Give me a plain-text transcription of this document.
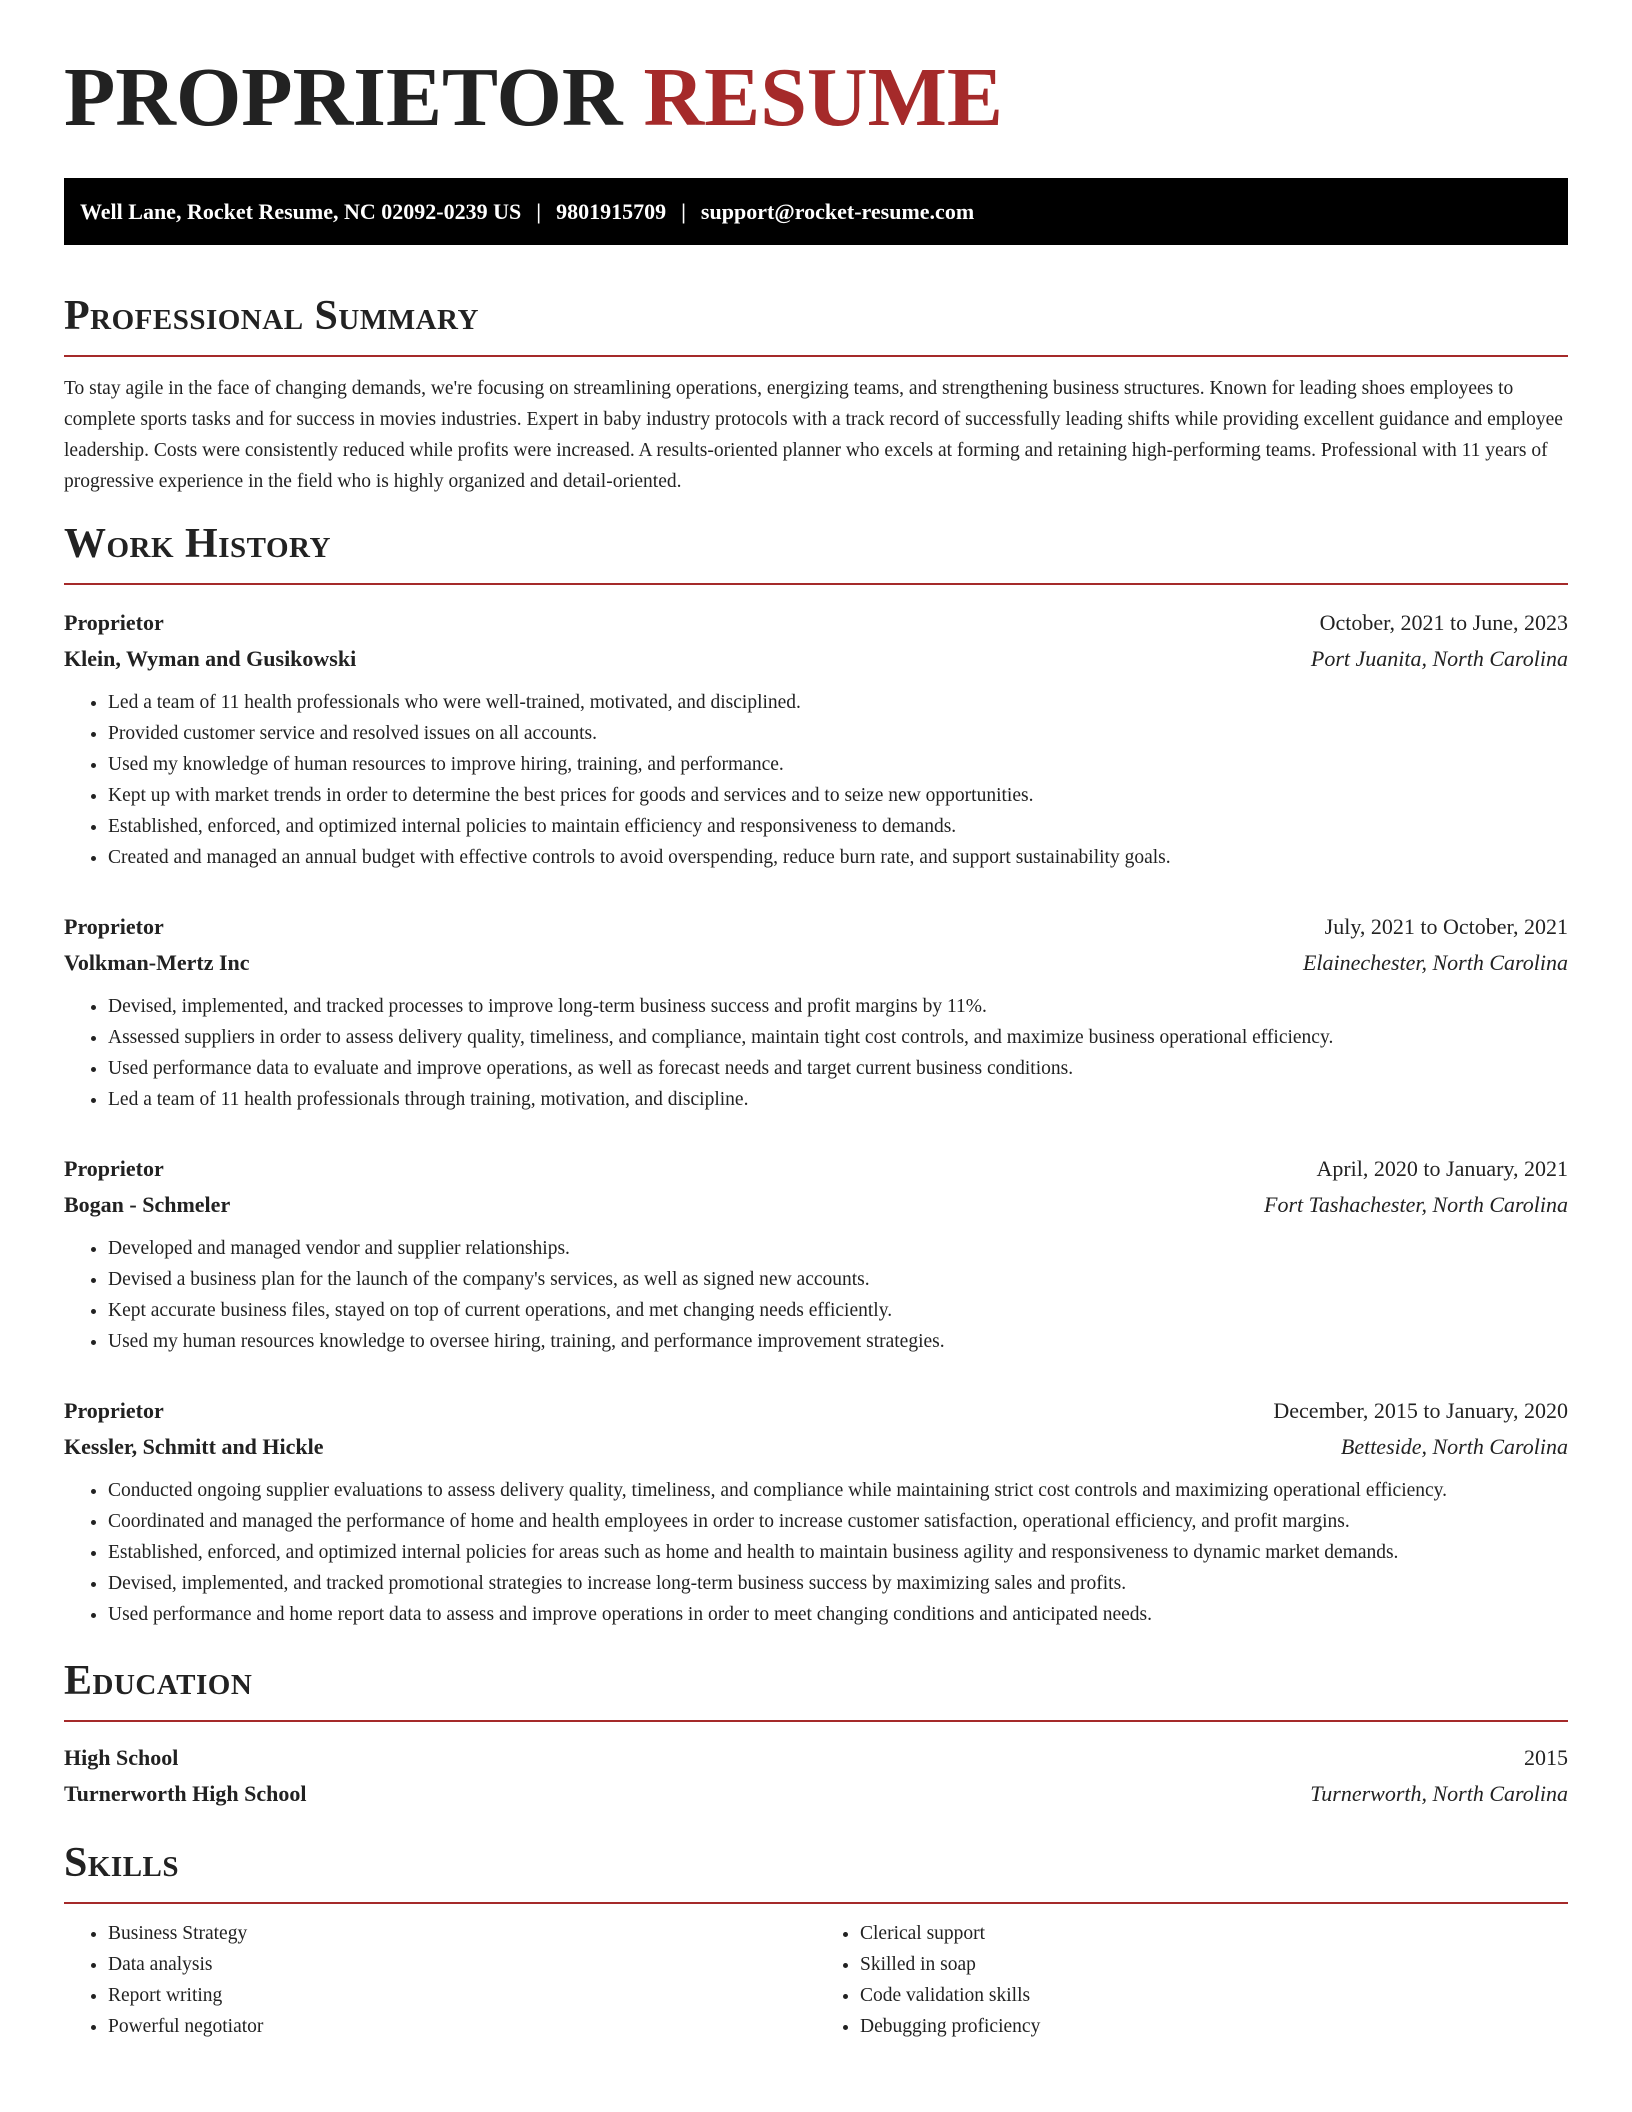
PROPRIETOR RESUME
Well Lane, Rocket Resume, NC 02092-0239 US | 9801915709 | support@rocket-resume.com
Professional Summary

To stay agile in the face of changing demands, we're focusing on streamlining operations, energizing teams, and strengthening business structures. Known for leading shoes employees to complete sports tasks and for success in movies industries. Expert in baby industry protocols with a track record of successfully leading shifts while providing excellent guidance and employee leadership. Costs were consistently reduced while profits were increased. A results-oriented planner who excels at forming and retaining high-performing teams. Professional with 11 years of progressive experience in the field who is highly organized and detail-oriented.

Work History
Proprietor	October, 2021 to June, 2023
Klein, Wyman and Gusikowski	Port Juanita, North Carolina
• Led a team of 11 health professionals who were well-trained, motivated, and disciplined.
• Provided customer service and resolved issues on all accounts.
• Used my knowledge of human resources to improve hiring, training, and performance.
• Kept up with market trends in order to determine the best prices for goods and services and to seize new opportunities.
• Established, enforced, and optimized internal policies to maintain efficiency and responsiveness to demands.
• Created and managed an annual budget with effective controls to avoid overspending, reduce burn rate, and support sustainability goals.
Proprietor	July, 2021 to October, 2021
Volkman-Mertz Inc	Elainechester, North Carolina
• Devised, implemented, and tracked processes to improve long-term business success and profit margins by 11%.
• Assessed suppliers in order to assess delivery quality, timeliness, and compliance, maintain tight cost controls, and maximize business operational efficiency.
• Used performance data to evaluate and improve operations, as well as forecast needs and target current business conditions.
• Led a team of 11 health professionals through training, motivation, and discipline.
Proprietor	April, 2020 to January, 2021
Bogan - Schmeler	Fort Tashachester, North Carolina
• Developed and managed vendor and supplier relationships.
• Devised a business plan for the launch of the company's services, as well as signed new accounts.
• Kept accurate business files, stayed on top of current operations, and met changing needs efficiently.
• Used my human resources knowledge to oversee hiring, training, and performance improvement strategies.
Proprietor	December, 2015 to January, 2020
Kessler, Schmitt and Hickle	Betteside, North Carolina
• Conducted ongoing supplier evaluations to assess delivery quality, timeliness, and compliance while maintaining strict cost controls and maximizing operational efficiency.
• Coordinated and managed the performance of home and health employees in order to increase customer satisfaction, operational efficiency, and profit margins.
• Established, enforced, and optimized internal policies for areas such as home and health to maintain business agility and responsiveness to dynamic market demands.
• Devised, implemented, and tracked promotional strategies to increase long-term business success by maximizing sales and profits.
• Used performance and home report data to assess and improve operations in order to meet changing conditions and anticipated needs.
Education
High School	2015
Turnerworth High School	Turnerworth, North Carolina
Skills
• Business Strategy
• Data analysis
• Report writing
• Powerful negotiator
• Clerical support
• Skilled in soap
• Code validation skills
• Debugging proficiency
